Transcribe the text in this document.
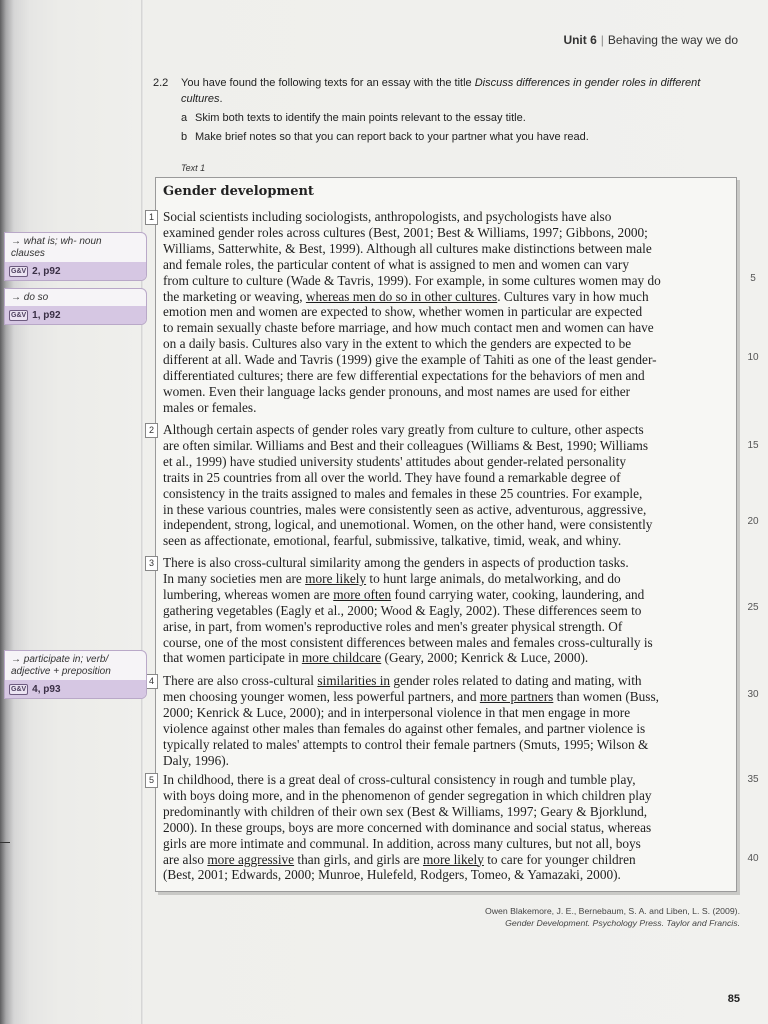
Unit 6 | Behaving the way we do
2.2 You have found the following texts for an essay with the title Discuss differences in gender roles in different cultures.
a Skim both texts to identify the main points relevant to the essay title.
b Make brief notes so that you can report back to your partner what you have read.
Text 1
Gender development
1 Social scientists including sociologists, anthropologists, and psychologists have also
examined gender roles across cultures (Best, 2001; Best & Williams, 1997; Gibbons, 2000;
Williams, Satterwhite, & Best, 1999). Although all cultures make distinctions between male
and female roles, the particular content of what is assigned to men and women can vary
from culture to culture (Wade & Tavris, 1999). For example, in some cultures women may do
the marketing or weaving, whereas men do so in other cultures. Cultures vary in how much
emotion men and women are expected to show, whether women in particular are expected
to remain sexually chaste before marriage, and how much contact men and women can have
on a daily basis. Cultures also vary in the extent to which the genders are expected to be
different at all. Wade and Tavris (1999) give the example of Tahiti as one of the least gender-
differentiated cultures; there are few differential expectations for the behaviors of men and
women. Even their language lacks gender pronouns, and most names are used for either
males or females.
2 Although certain aspects of gender roles vary greatly from culture to culture, other aspects
are often similar. Williams and Best and their colleagues (Williams & Best, 1990; Williams
et al., 1999) have studied university students' attitudes about gender-related personality
traits in 25 countries from all over the world. They have found a remarkable degree of
consistency in the traits assigned to males and females in these 25 countries. For example,
in these various countries, males were consistently seen as active, adventurous, aggressive,
independent, strong, logical, and unemotional. Women, on the other hand, were consistently
seen as affectionate, emotional, fearful, submissive, talkative, timid, weak, and whiny.
3 There is also cross-cultural similarity among the genders in aspects of production tasks.
In many societies men are more likely to hunt large animals, do metalworking, and do
lumbering, whereas women are more often found carrying water, cooking, laundering, and
gathering vegetables (Eagly et al., 2000; Wood & Eagly, 2002). These differences seem to
arise, in part, from women's reproductive roles and men's greater physical strength. Of
course, one of the most consistent differences between males and females cross-culturally is
that women participate in more childcare (Geary, 2000; Kenrick & Luce, 2000).
4 There are also cross-cultural similarities in gender roles related to dating and mating, with
men choosing younger women, less powerful partners, and more partners than women (Buss,
2000; Kenrick & Luce, 2000); and in interpersonal violence in that men engage in more
violence against other males than females do against other females, and partner violence is
typically related to males' attempts to control their female partners (Smuts, 1995; Wilson &
Daly, 1996).
5 In childhood, there is a great deal of cross-cultural consistency in rough and tumble play,
with boys doing more, and in the phenomenon of gender segregation in which children play
predominantly with children of their own sex (Best & Williams, 1997; Geary & Bjorklund,
2000). In these groups, boys are more concerned with dominance and social status, whereas
girls are more intimate and communal. In addition, across many cultures, but not all, boys
are also more aggressive than girls, and girls are more likely to care for younger children
(Best, 2001; Edwards, 2000; Munroe, Hulefeld, Rodgers, Tomeo, & Yamazaki, 2000).
5
10
15
20
25
30
35
40
→ what is; wh- noun
clauses
G&V 2, p92
→ do so
G&V 1, p92
→ participate in; verb/
adjective + preposition
G&V 4, p93
Owen Blakemore, J. E., Bernebaum, S. A. and Liben, L. S. (2009).
Gender Development. Psychology Press. Taylor and Francis.
85
